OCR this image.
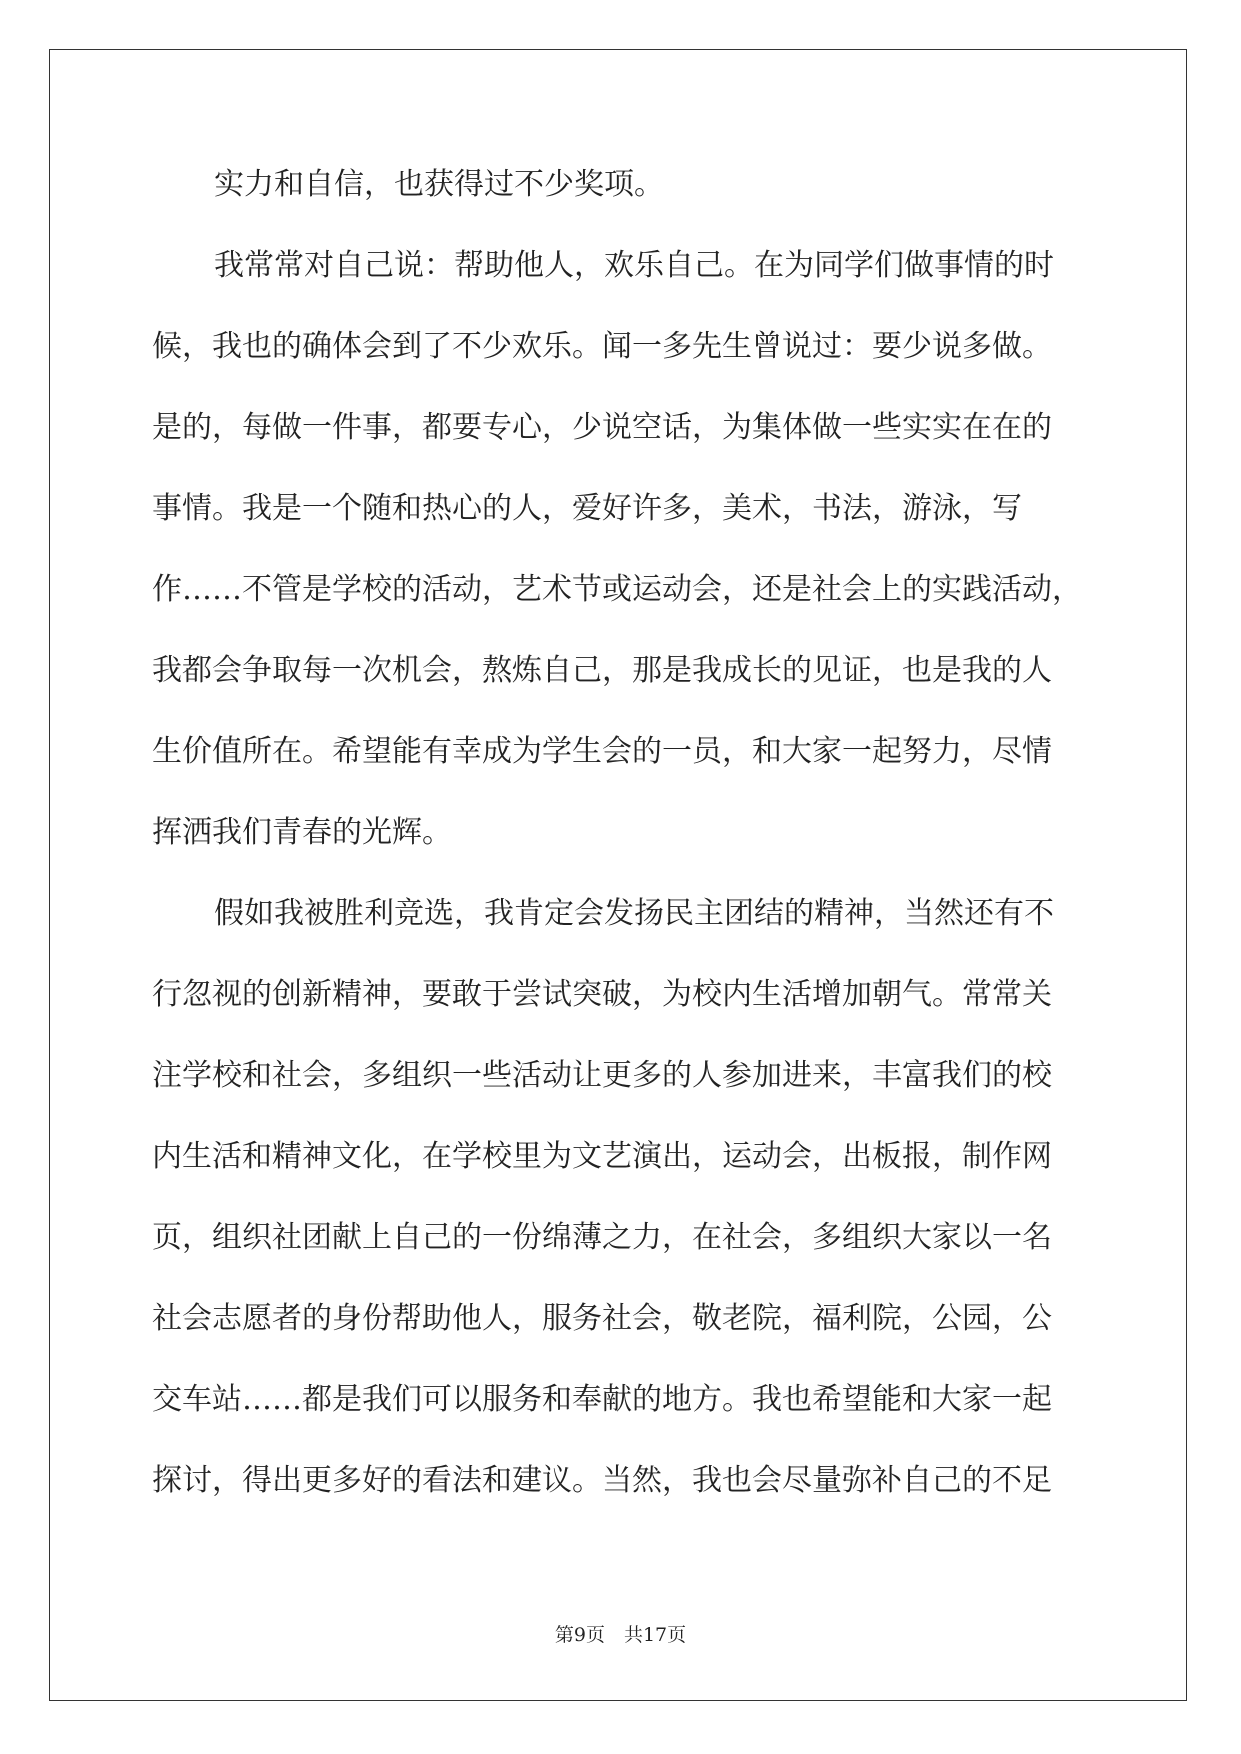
实力和自信，也获得过不少奖项。
我常常对自己说：帮助他人，欢乐自己。在为同学们做事情的时
候，我也的确体会到了不少欢乐。闻一多先生曾说过：要少说多做。
是的，每做一件事，都要专心，少说空话，为集体做一些实实在在的
事情。我是一个随和热心的人，爱好许多，美术，书法，游泳，写
作……不管是学校的活动，艺术节或运动会，还是社会上的实践活动，
我都会争取每一次机会，熬炼自己，那是我成长的见证，也是我的人
生价值所在。希望能有幸成为学生会的一员，和大家一起努力，尽情
挥洒我们青春的光辉。
假如我被胜利竞选，我肯定会发扬民主团结的精神，当然还有不
行忽视的创新精神，要敢于尝试突破，为校内生活增加朝气。常常关
注学校和社会，多组织一些活动让更多的人参加进来，丰富我们的校
内生活和精神文化，在学校里为文艺演出，运动会，出板报，制作网
页，组织社团献上自己的一份绵薄之力，在社会，多组织大家以一名
社会志愿者的身份帮助他人，服务社会，敬老院，福利院，公园，公
交车站……都是我们可以服务和奉献的地方。我也希望能和大家一起
探讨，得出更多好的看法和建议。当然，我也会尽量弥补自己的不足
第9页　共17页
